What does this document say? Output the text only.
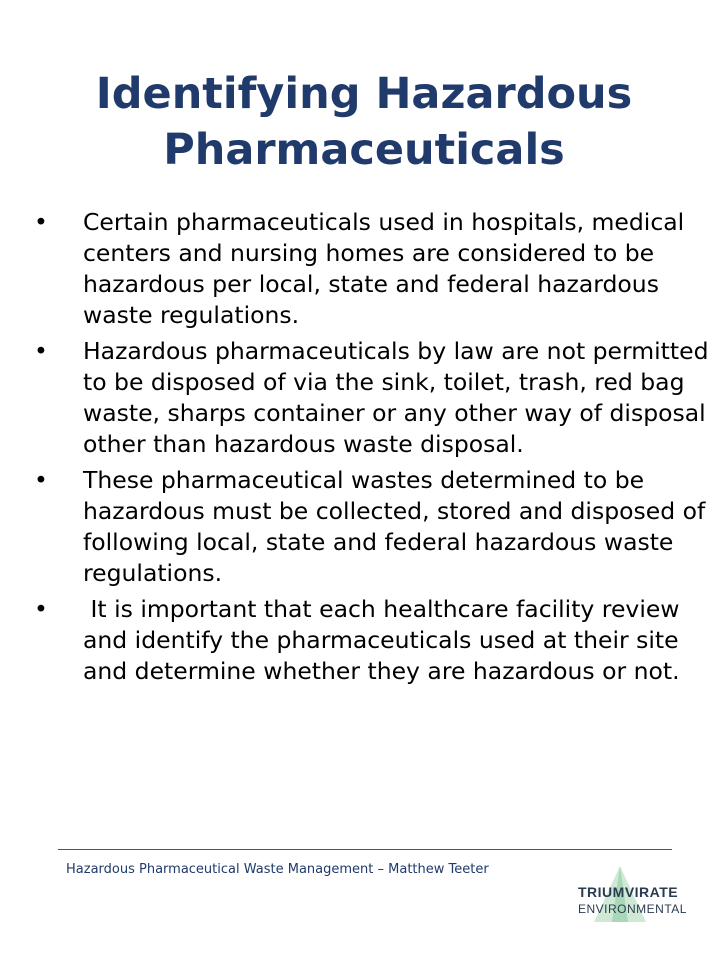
Identifying Hazardous
Pharmaceuticals
• Certain pharmaceuticals used in hospitals, medical centers and nursing homes are considered to be hazardous per local, state and federal hazardous waste regulations.
• Hazardous pharmaceuticals by law are not permitted to be disposed of via the sink, toilet, trash, red bag waste, sharps container or any other way of disposal other than hazardous waste disposal.
• These pharmaceutical wastes determined to be hazardous must be collected, stored and disposed of following local, state and federal hazardous waste regulations.
• It is important that each healthcare facility review and identify the pharmaceuticals used at their site and determine whether they are hazardous or not.
Hazardous Pharmaceutical Waste Management – Matthew Teeter
TRIUMVIRATE
ENVIRONMENTAL
